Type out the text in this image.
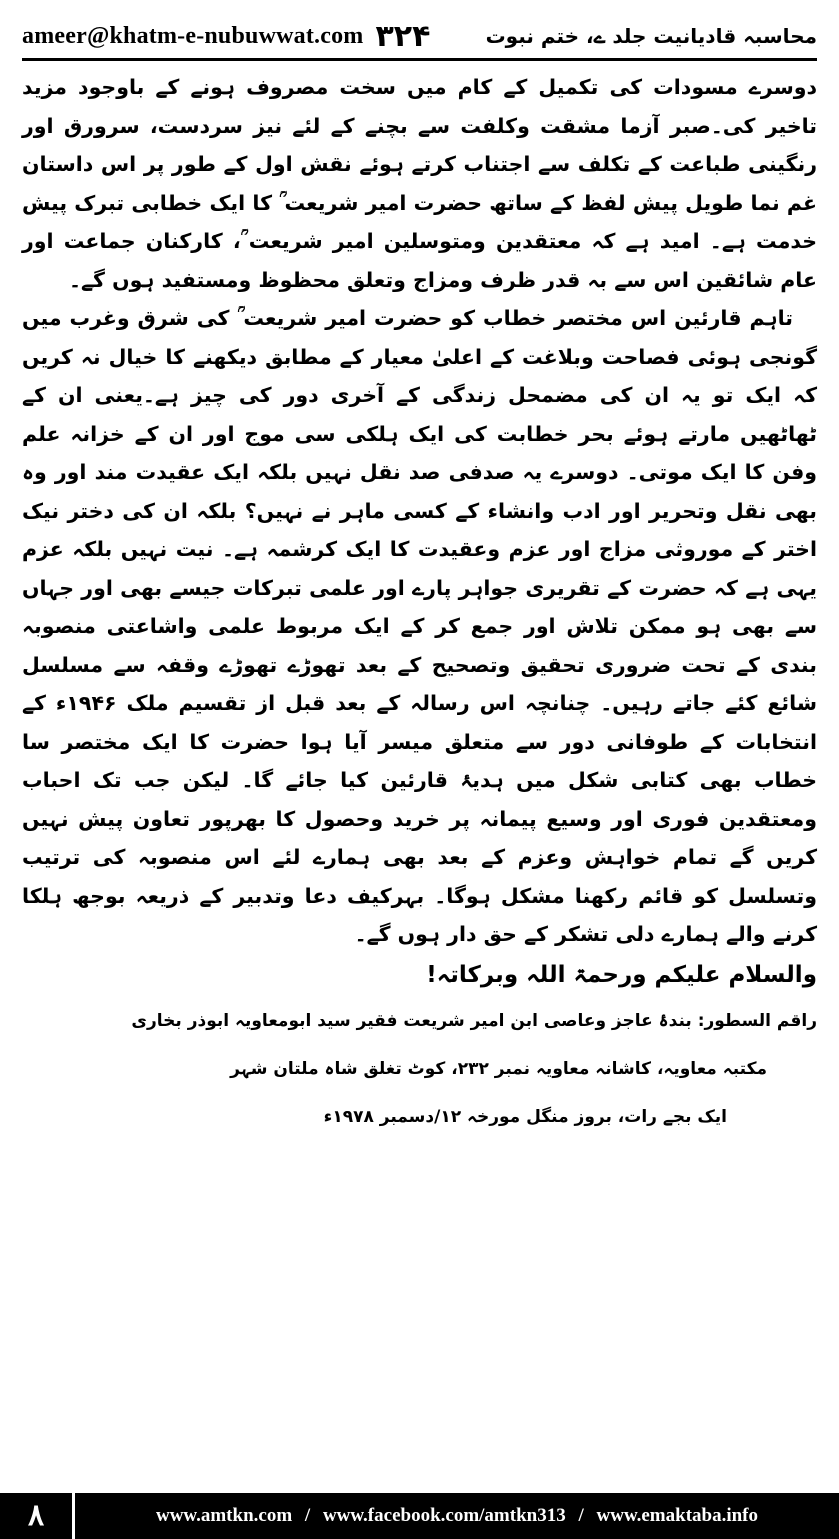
ameer@khatm-e-nubuwwat.com ۳۲۴	محاسبہ قادیانیت جلد ے، ختم نبوت

دوسرے مسودات کی تکمیل کے کام میں سخت مصروف ہونے کے باوجود مزید تاخیر کی۔صبر آزما مشقت وکلفت سے بچنے کے لئے نیز سردست، سرورق اور رنگینی طباعت کے تکلف سے اجتناب کرتے ہوئے نقش اول کے طور پر اس داستان غم نما طویل پیش لفظ کے ساتھ حضرت امیر شریعت ؒ کا ایک خطابی تبرک پیش خدمت ہے۔ امید ہے کہ معتقدین ومتوسلین امیر شریعت ؒ، کارکنان جماعت اور عام شائقین اس سے بہ قدر ظرف ومزاج وتعلق محظوظ ومستفید ہوں گے۔

تاہم قارئین اس مختصر خطاب کو حضرت امیر شریعت ؒ کی شرق وغرب میں گونجی ہوئی فصاحت وبلاغت کے اعلیٰ معیار کے مطابق دیکھنے کا خیال نہ کریں کہ ایک تو یہ ان کی مضمحل زندگی کے آخری دور کی چیز ہے۔یعنی ان کے ٹھاٹھیں مارتے ہوئے بحر خطابت کی ایک ہلکی سی موج اور ان کے خزانہ علم وفن کا ایک موتی۔ دوسرے یہ صدفی صد نقل نہیں بلکہ ایک عقیدت مند اور وہ بھی نقل وتحریر اور ادب وانشاء کے کسی ماہر نے نہیں؟ بلکہ ان کی دختر نیک اختر کے موروثی مزاج اور عزم وعقیدت کا ایک کرشمہ ہے۔ نیت نہیں بلکہ عزم یہی ہے کہ حضرت کے تقریری جواہر پارے اور علمی تبرکات جیسے بھی اور جہاں سے بھی ہو ممکن تلاش اور جمع کر کے ایک مربوط علمی واشاعتی منصوبہ بندی کے تحت ضروری تحقیق وتصحیح کے بعد تھوڑے تھوڑے وقفہ سے مسلسل شائع کئے جاتے رہیں۔ چنانچہ اس رسالہ کے بعد قبل از تقسیم ملک ۱۹۴۶ء کے انتخابات کے طوفانی دور سے متعلق میسر آیا ہوا حضرت کا ایک مختصر سا خطاب بھی کتابی شکل میں ہدیۂ قارئین کیا جائے گا۔ لیکن جب تک احباب ومعتقدین فوری اور وسیع پیمانہ پر خرید وحصول کا بھرپور تعاون پیش نہیں کریں گے تمام خواہش وعزم کے بعد بھی ہمارے لئے اس منصوبہ کی ترتیب وتسلسل کو قائم رکھنا مشکل ہوگا۔ بہرکیف دعا وتدبیر کے ذریعہ بوجھ ہلکا کرنے والے ہمارے دلی تشکر کے حق دار ہوں گے۔

والسلام علیکم ورحمۃ اللہ وبرکاتہ!
راقم السطور: بندۂ عاجز وعاصی ابن امیر شریعت فقیر سید ابومعاویہ ابوذر بخاری
مکتبہ معاویہ، کاشانہ معاویہ نمبر ۲۳۲، کوٹ تغلق شاہ ملتان شہر
ایک بجے رات، بروز منگل مورخہ ۱۲/دسمبر ۱۹۷۸ء
۸	www.amtkn.com / www.facebook.com/amtkn313 / www.emaktaba.info
